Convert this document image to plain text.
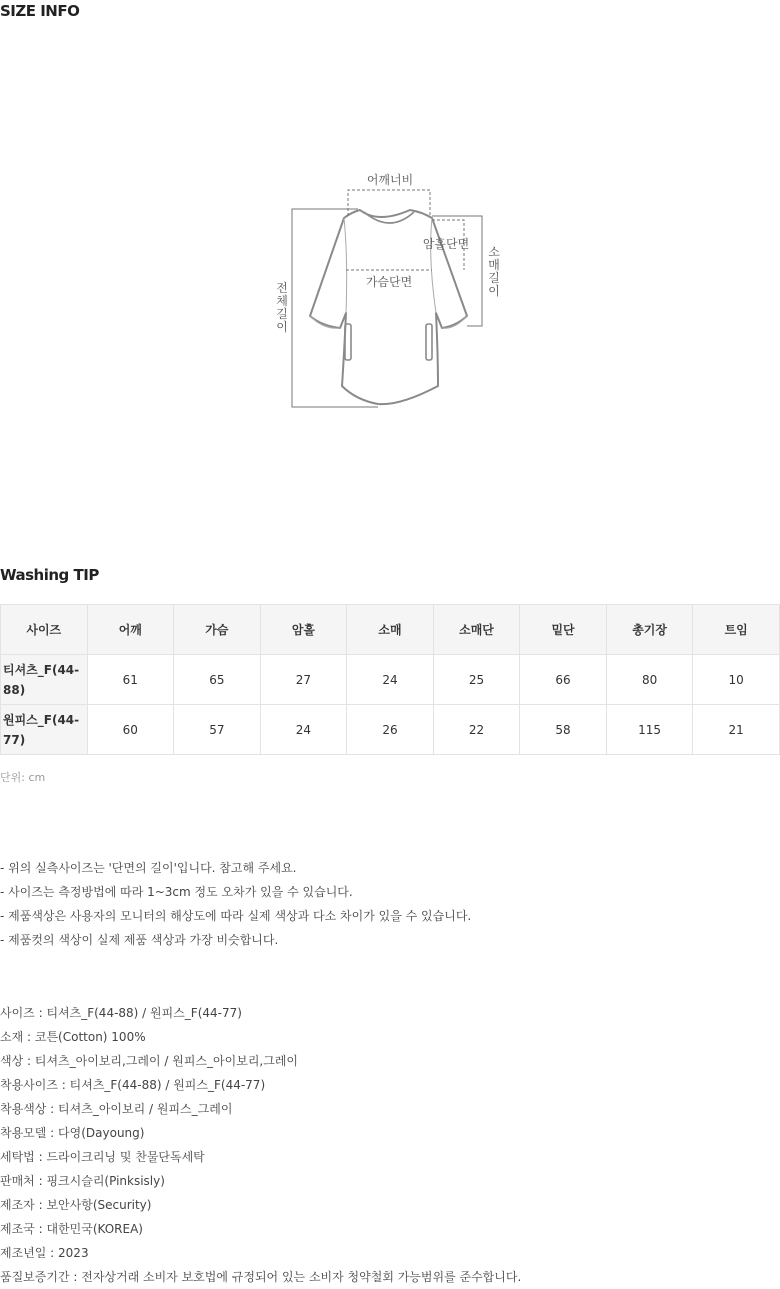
SIZE INFO
어깨너비
암홀단면
가슴단면
전
체
길
이
소
매
길
이
Washing TIP
사이즈	어깨	가슴	암홀	소매	소매단	밑단	총기장	트임
티셔츠_F(44-88)	61	65	27	24	25	66	80	10
원피스_F(44-77)	60	57	24	26	22	58	115	21
단위: cm
- 위의 실측사이즈는 '단면의 길이'입니다. 참고해 주세요.
- 사이즈는 측정방법에 따라 1~3cm 정도 오차가 있을 수 있습니다.
- 제품색상은 사용자의 모니터의 해상도에 따라 실제 색상과 다소 차이가 있을 수 있습니다.
- 제품컷의 색상이 실제 제품 색상과 가장 비슷합니다.
사이즈 : 티셔츠_F(44-88) / 원피스_F(44-77)
소재 : 코튼(Cotton) 100%
색상 : 티셔츠_아이보리,그레이 / 원피스_아이보리,그레이
착용사이즈 : 티셔츠_F(44-88) / 원피스_F(44-77)
착용색상 : 티셔츠_아이보리 / 원피스_그레이
착용모델 : 다영(Dayoung)
세탁법 : 드라이크리닝 및 찬물단독세탁
판매처 : 핑크시슬리(Pinksisly)
제조자 : 보안사항(Security)
제조국 : 대한민국(KOREA)
제조년일 : 2023
품질보증기간 : 전자상거래 소비자 보호법에 규정되어 있는 소비자 청약철회 가능범위를 준수합니다.
